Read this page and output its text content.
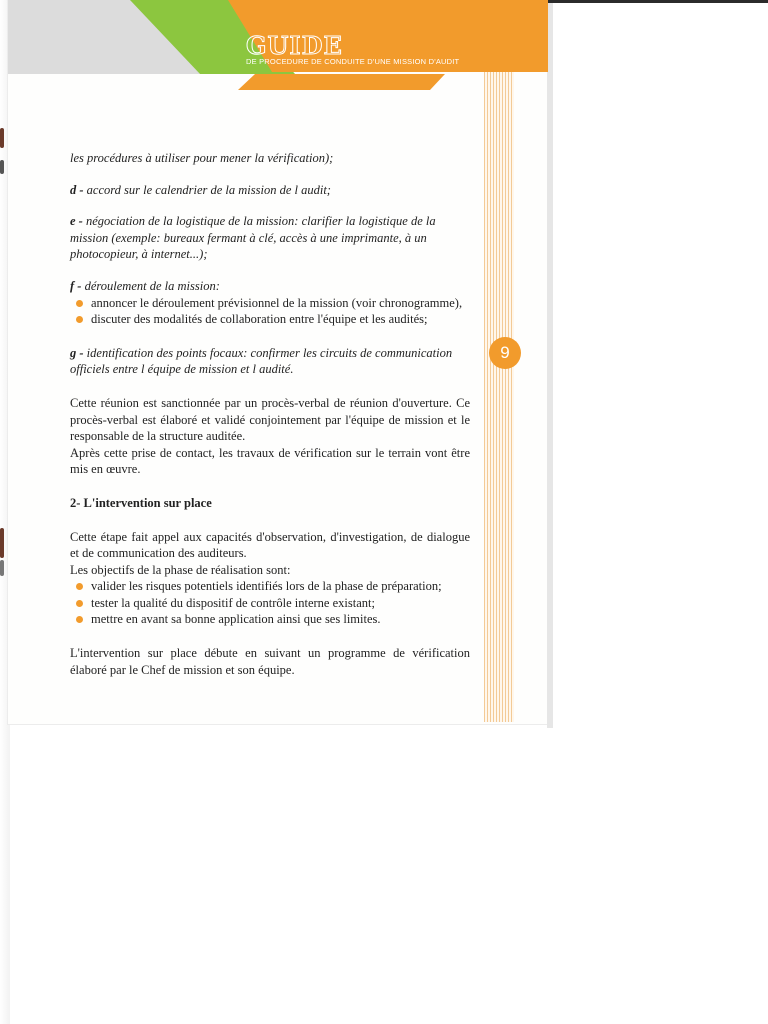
GUIDE

DE PROCEDURE DE CONDUITE D'UNE MISSION D'AUDIT

9

les procédures à utiliser pour mener la vérification);

d - accord sur le calendrier de la mission de l audit;

e - négociation de la logistique de la mission: clarifier la logistique de la mission (exemple: bureaux fermant à clé, accès à une imprimante, à un photocopieur, à internet...);

f - déroulement de la mission:

annoncer le déroulement prévisionnel de la mission (voir chronogramme),
discuter des modalités de collaboration entre l'équipe et les audités;

g - identification des points focaux: confirmer les circuits de communication officiels entre l équipe de mission et l audité.

Cette réunion est sanctionnée par un procès-verbal de réunion d'ouverture. Ce procès-verbal est élaboré et validé conjointement par l'équipe de mission et le responsable de la structure auditée.

Après cette prise de contact, les travaux de vérification sur le terrain vont être mis en œuvre.

2- L'intervention sur place

Cette étape fait appel aux capacités d'observation, d'investigation, de dialogue et de communication des auditeurs.

Les objectifs de la phase de réalisation sont:

valider les risques potentiels identifiés lors de la phase de préparation;
tester la qualité du dispositif de contrôle interne existant;
mettre en avant sa bonne application ainsi que ses limites.

L'intervention sur place débute en suivant un programme de vérification élaboré par le Chef de mission et son équipe.
